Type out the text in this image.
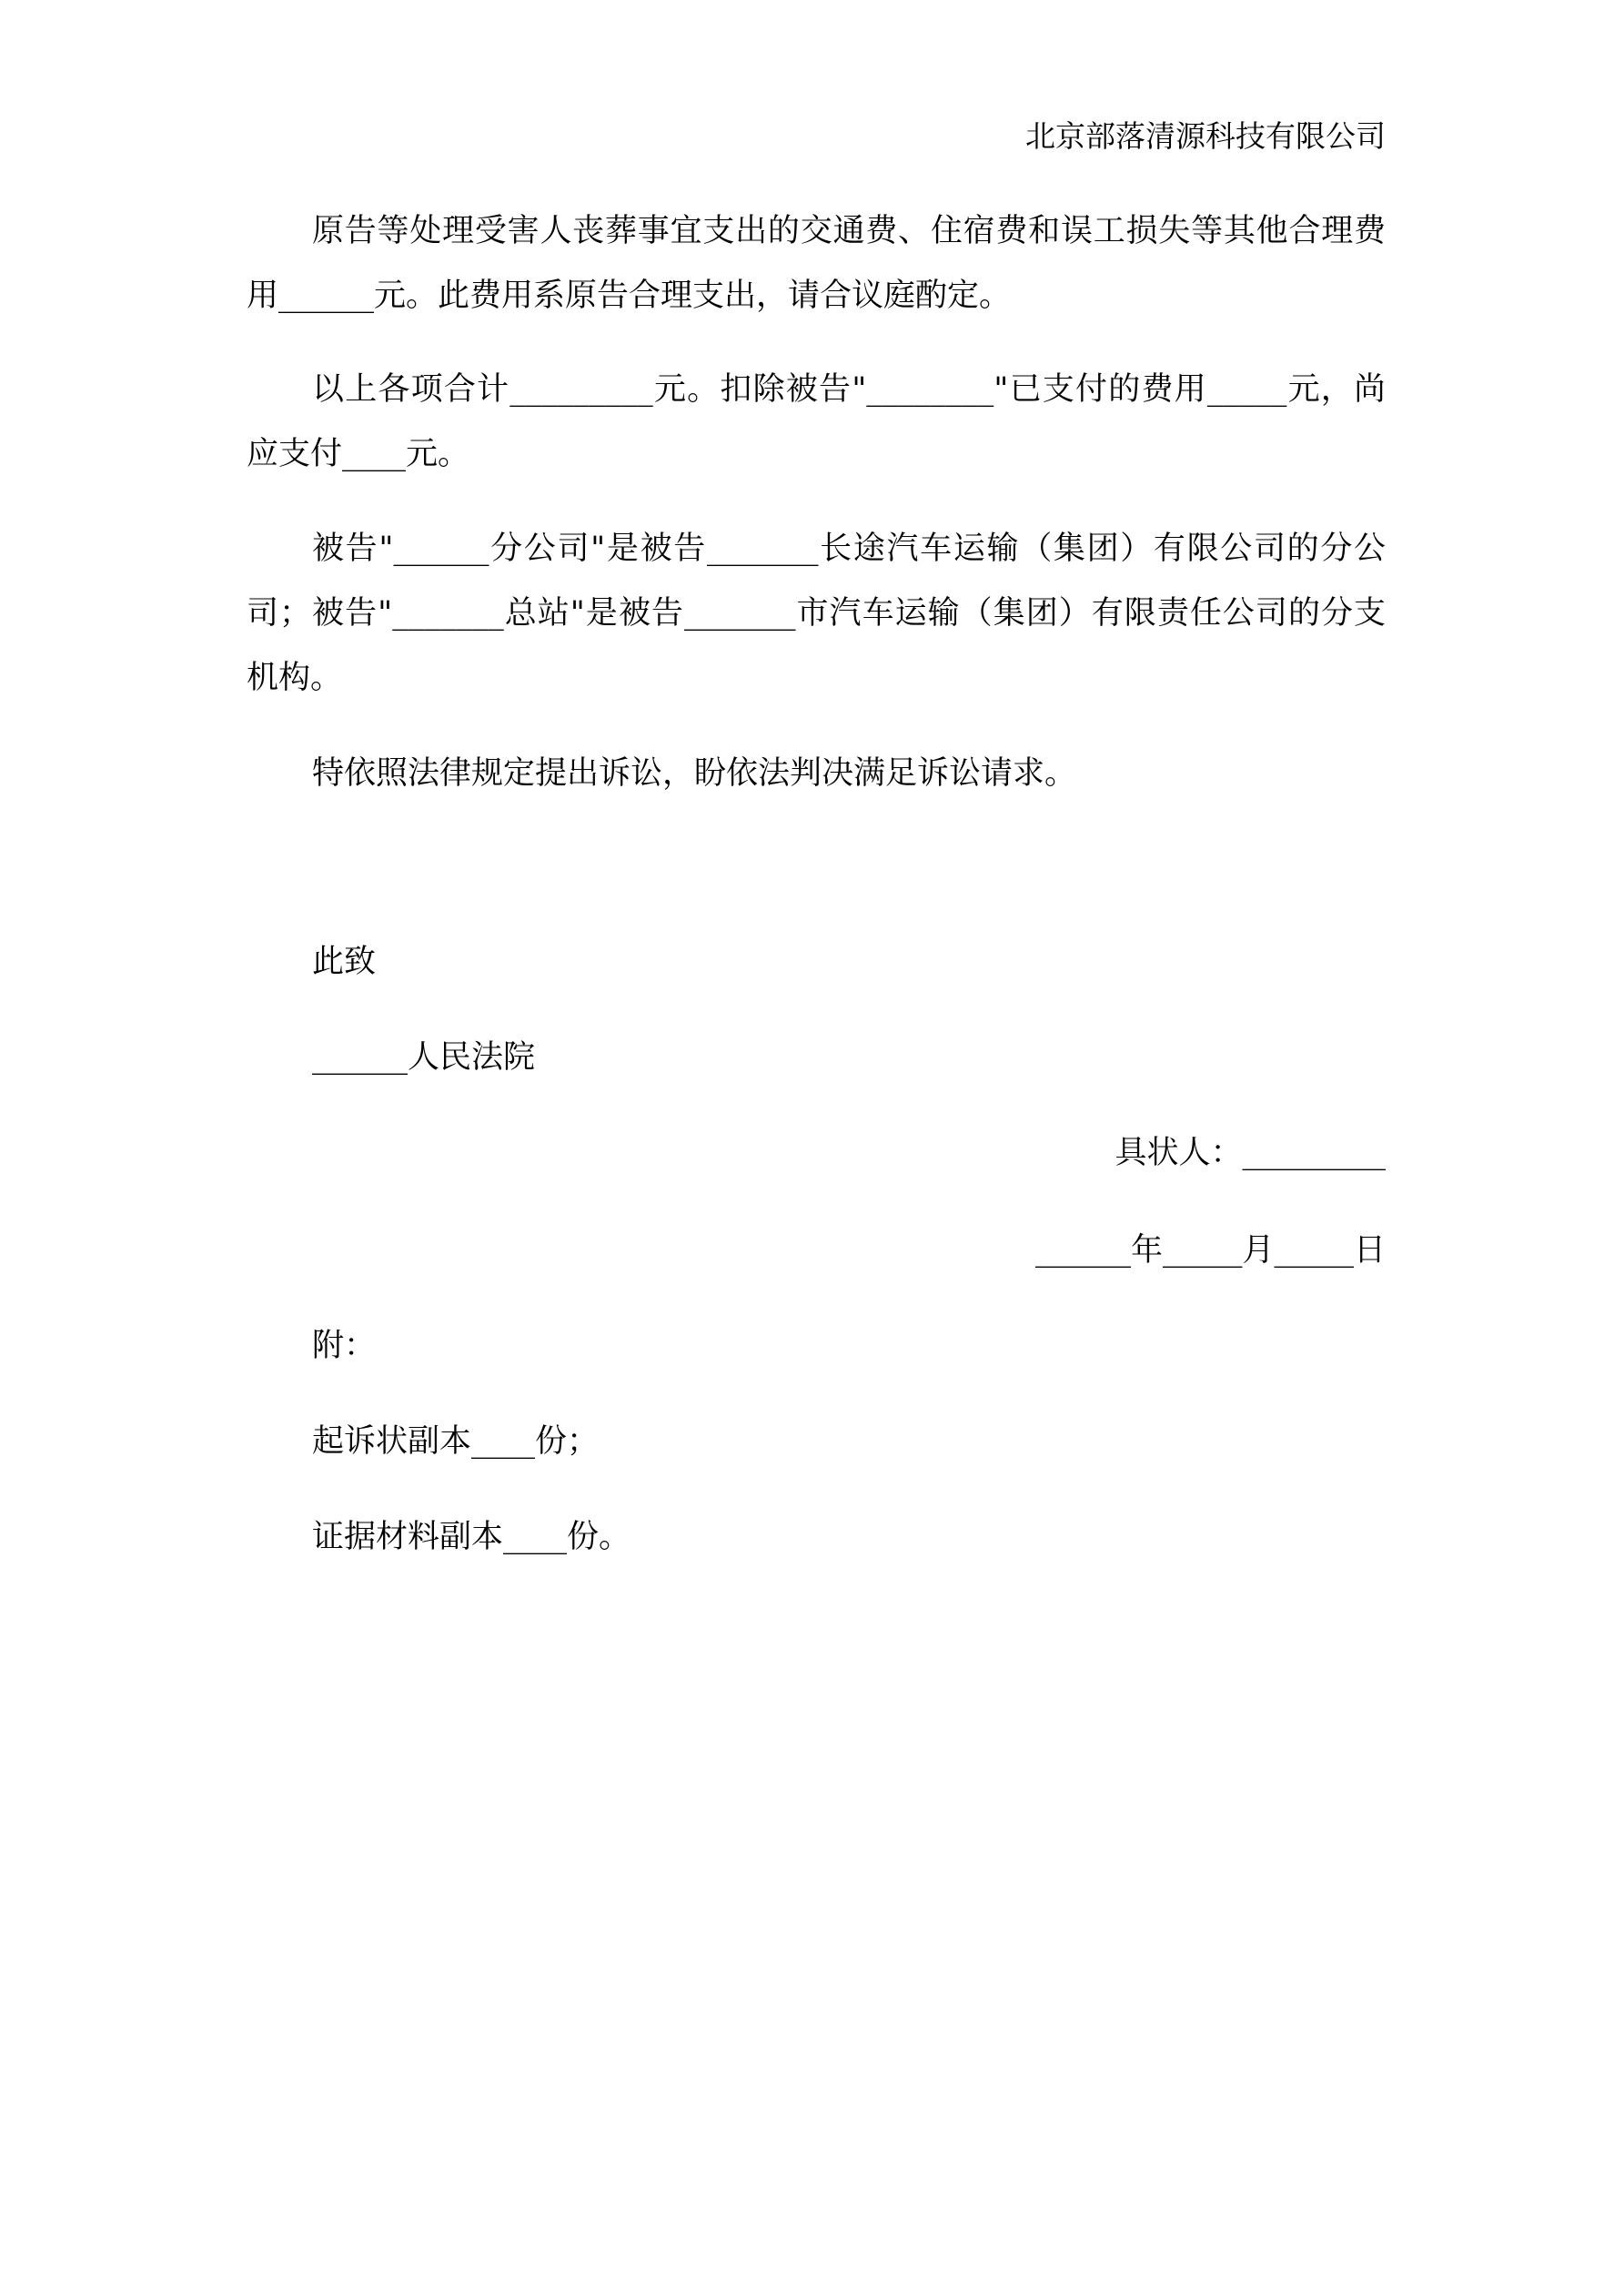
北京部落清源科技有限公司

原告等处理受害人丧葬事宜支出的交通费、住宿费和误工损失等其他合理费用______元。此费用系原告合理支出，请合议庭酌定。

以上各项合计_________元。扣除被告"________"已支付的费用_____元，尚应支付____元。

被告"______分公司"是被告_______长途汽车运输（集团）有限公司的分公司；被告"_______总站"是被告_______市汽车运输（集团）有限责任公司的分支机构。

特依照法律规定提出诉讼，盼依法判决满足诉讼请求。

此致
______人民法院
具状人：_________
______年_____月_____日
附：
起诉状副本____份；
证据材料副本____份。
